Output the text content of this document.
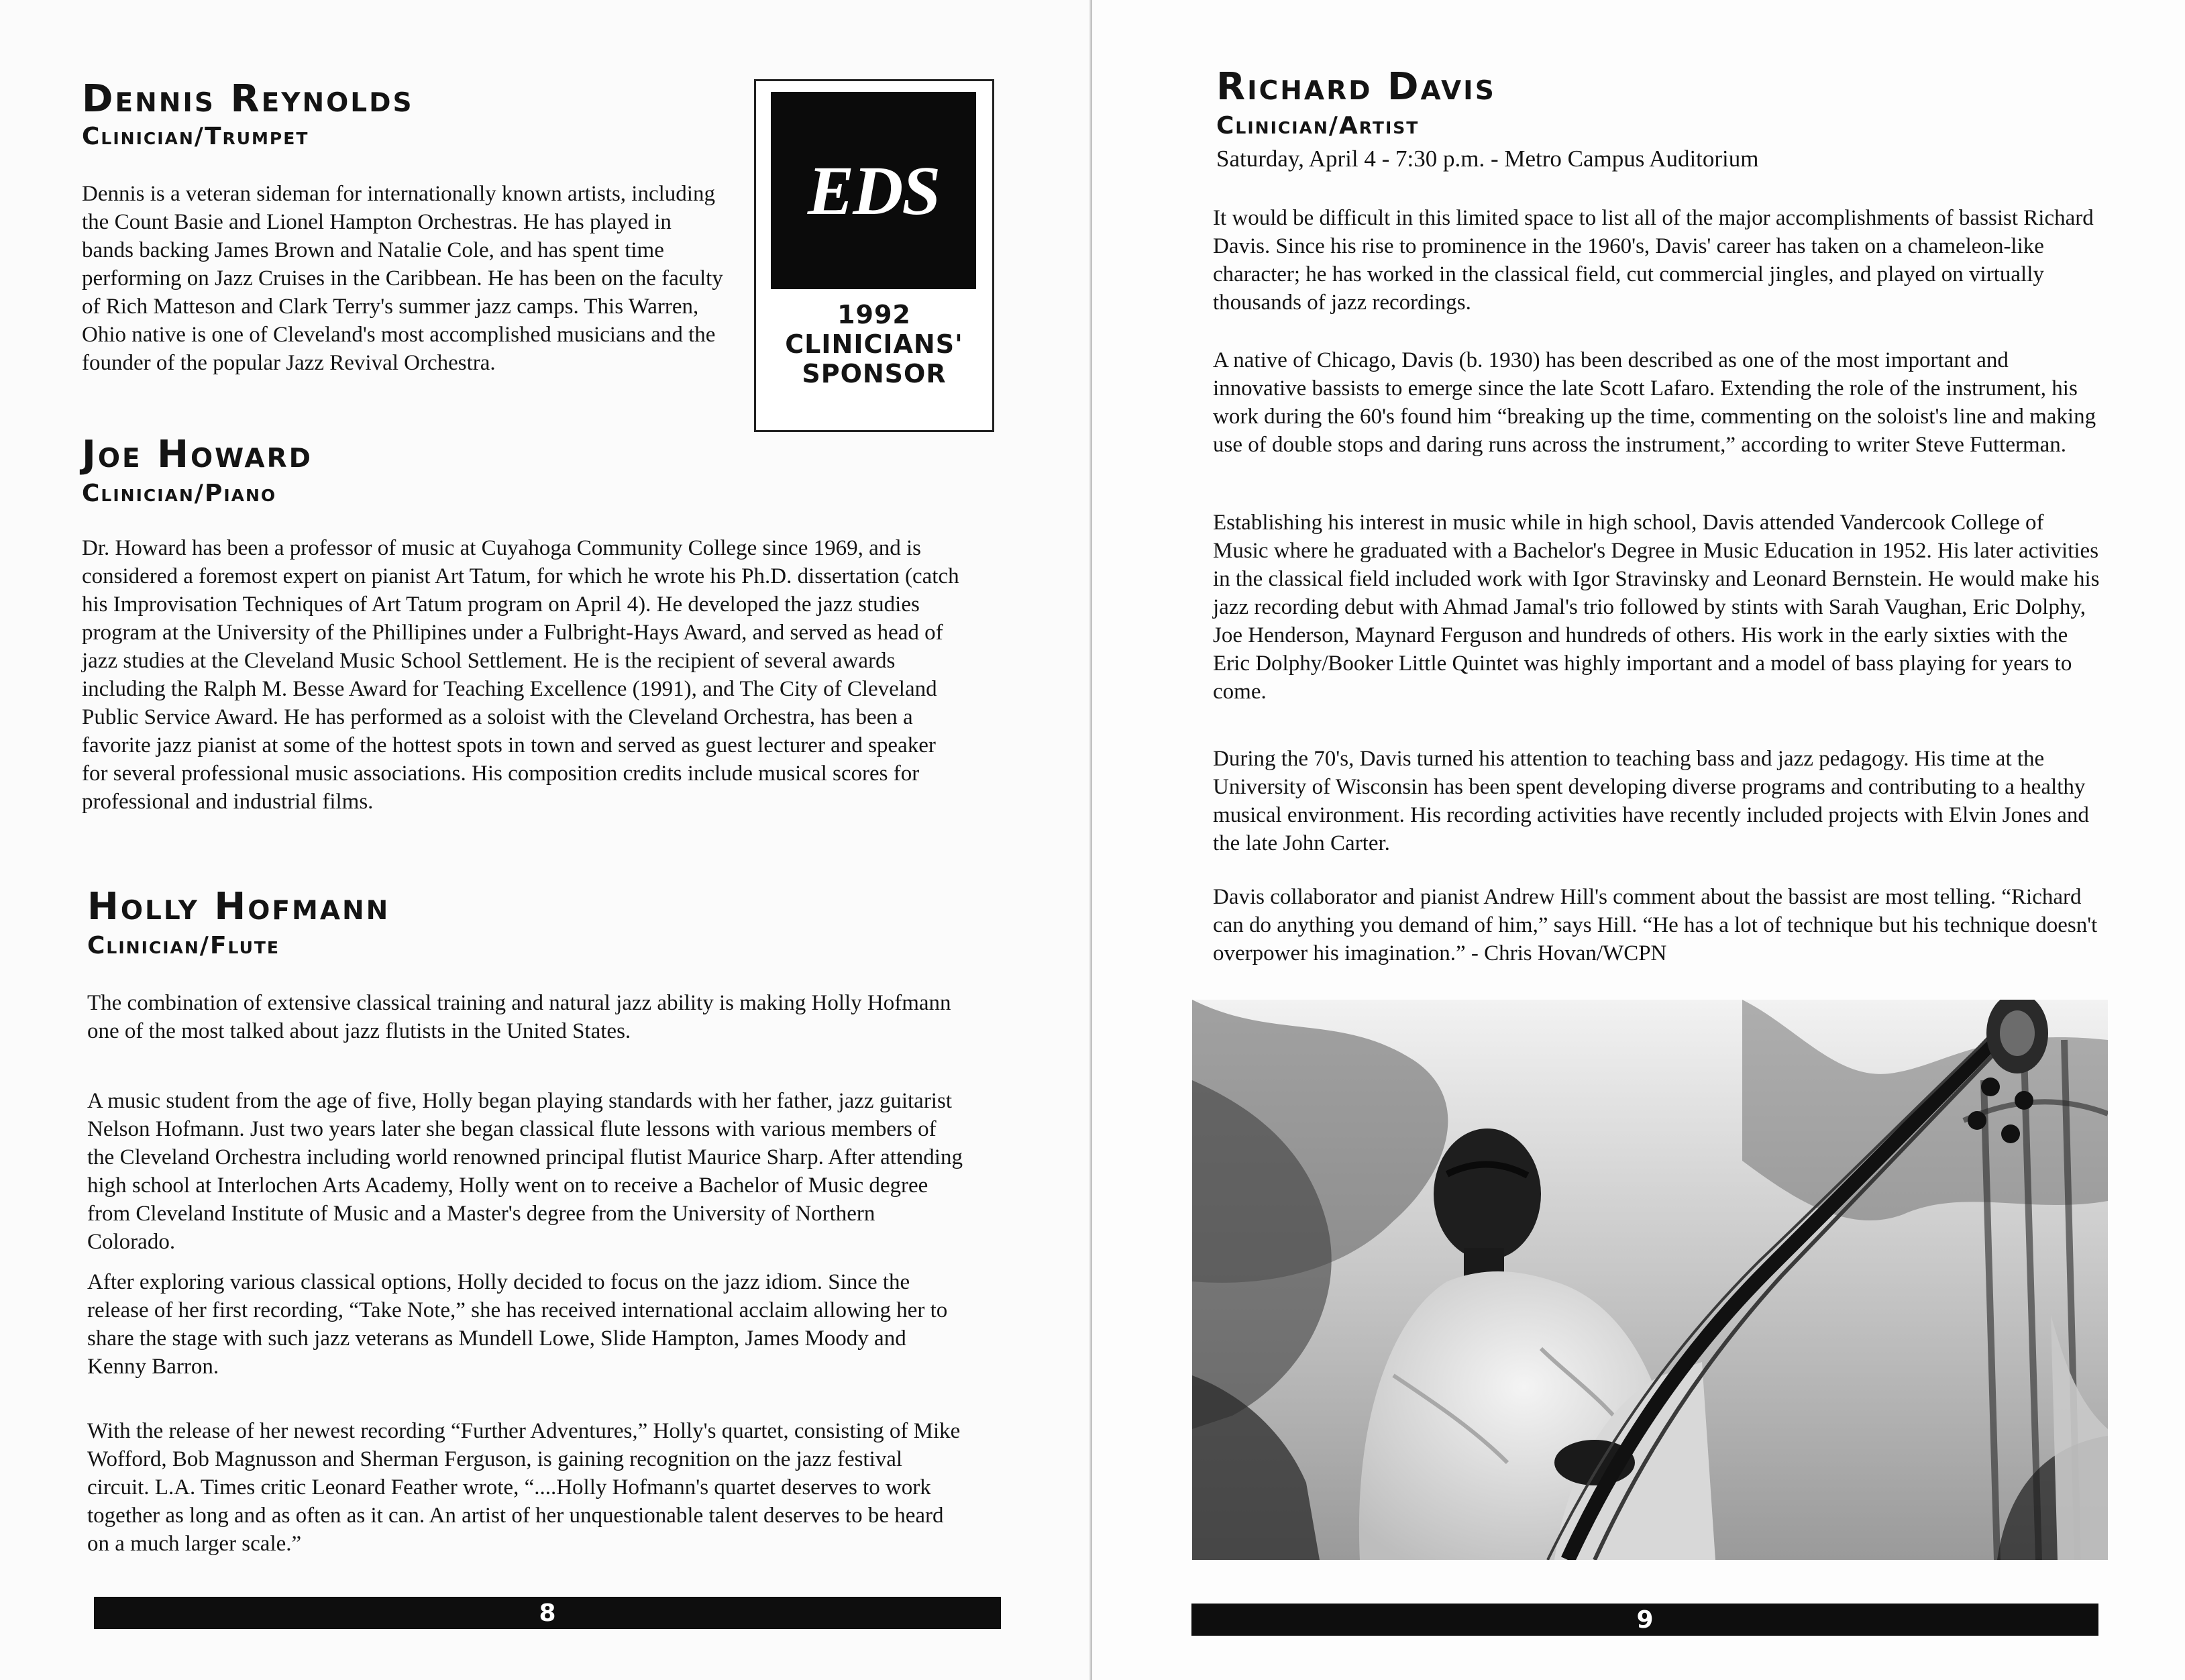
Dennis Reynolds
Clinician/Trumpet

Dennis is a veteran sideman for internationally known artists, including the Count Basie and Lionel Hampton Orchestras. He has played in bands backing James Brown and Natalie Cole, and has spent time performing on Jazz Cruises in the Caribbean. He has been on the faculty of Rich Matteson and Clark Terry's summer jazz camps. This Warren, Ohio native is one of Cleveland's most accomplished musicians and the founder of the popular Jazz Revival Orchestra.

EDS

1992

CLINICIANS'

SPONSOR

Joe Howard
Clinician/Piano

Dr. Howard has been a professor of music at Cuyahoga Community College since 1969, and is considered a foremost expert on pianist Art Tatum, for which he wrote his Ph.D. dissertation (catch his Improvisation Techniques of Art Tatum program on April 4). He developed the jazz studies program at the University of the Phillipines under a Fulbright-Hays Award, and served as head of jazz studies at the Cleveland Music School Settlement. He is the recipient of several awards including the Ralph M. Besse Award for Teaching Excellence (1991), and The City of Cleveland Public Service Award. He has performed as a soloist with the Cleveland Orchestra, has been a favorite jazz pianist at some of the hottest spots in town and served as guest lecturer and speaker for several professional music associations. His composition credits include musical scores for professional and industrial films.

Holly Hofmann
Clinician/Flute

The combination of extensive classical training and natural jazz ability is making Holly Hofmann one of the most talked about jazz flutists in the United States.

A music student from the age of five, Holly began playing standards with her father, jazz guitarist Nelson Hofmann. Just two years later she began classical flute lessons with various members of the Cleveland Orchestra including world renowned principal flutist Maurice Sharp. After attending high school at Interlochen Arts Academy, Holly went on to receive a Bachelor of Music degree from Cleveland Institute of Music and a Master's degree from the University of Northern Colorado.

After exploring various classical options, Holly decided to focus on the jazz idiom. Since the release of her first recording, “Take Note,” she has received international acclaim allowing her to share the stage with such jazz veterans as Mundell Lowe, Slide Hampton, James Moody and Kenny Barron.

With the release of her newest recording “Further Adventures,” Holly's quartet, consisting of Mike Wofford, Bob Magnusson and Sherman Ferguson, is gaining recognition on the jazz festival circuit. L.A. Times critic Leonard Feather wrote, “....Holly Hofmann's quartet deserves to work together as long and as often as it can. An artist of her unquestionable talent deserves to be heard on a much larger scale.”

8
Richard Davis
Clinician/Artist

Saturday, April 4 - 7:30 p.m. - Metro Campus Auditorium

It would be difficult in this limited space to list all of the major accomplishments of bassist Richard Davis. Since his rise to prominence in the 1960's, Davis' career has taken on a chameleon-like character; he has worked in the classical field, cut commercial jingles, and played on virtually thousands of jazz recordings.

A native of Chicago, Davis (b. 1930) has been described as one of the most important and innovative bassists to emerge since the late Scott Lafaro. Extending the role of the instrument, his work during the 60's found him “breaking up the time, commenting on the soloist's line and making use of double stops and daring runs across the instrument,” according to writer Steve Futterman.

Establishing his interest in music while in high school, Davis attended Vandercook College of Music where he graduated with a Bachelor's Degree in Music Education in 1952. His later activities in the classical field included work with Igor Stravinsky and Leonard Bernstein. He would make his jazz recording debut with Ahmad Jamal's trio followed by stints with Sarah Vaughan, Eric Dolphy, Joe Henderson, Maynard Ferguson and hundreds of others. His work in the early sixties with the Eric Dolphy/Booker Little Quintet was highly important and a model of bass playing for years to come.

During the 70's, Davis turned his attention to teaching bass and jazz pedagogy. His time at the University of Wisconsin has been spent developing diverse programs and contributing to a healthy musical environment. His recording activities have recently included projects with Elvin Jones and the late John Carter.

Davis collaborator and pianist Andrew Hill's comment about the bassist are most telling. “Richard can do anything you demand of him,” says Hill. “He has a lot of technique but his technique doesn't overpower his imagination.” - Chris Hovan/WCPN

9
